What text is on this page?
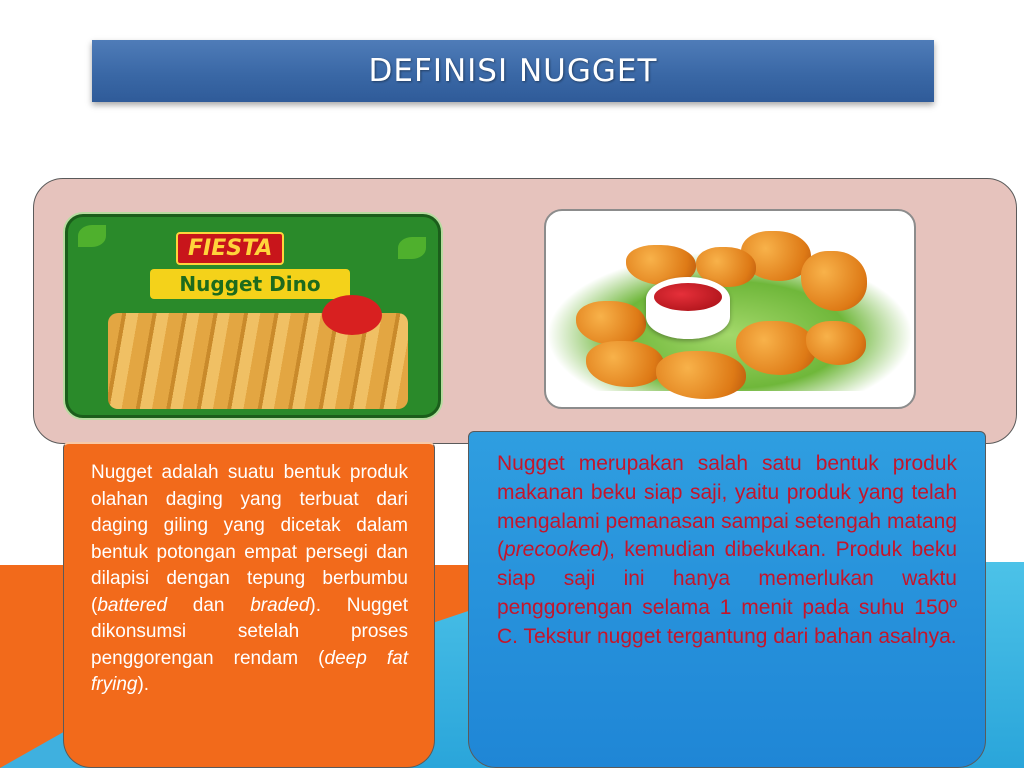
DEFINISI NUGGET
FIESTA
Nugget Dino

Nugget adalah suatu bentuk produk olahan daging yang terbuat dari daging giling yang dicetak dalam bentuk potongan empat persegi dan dilapisi dengan tepung berbumbu (battered dan braded). Nugget dikonsumsi setelah proses penggorengan rendam (deep fat frying).

Nugget merupakan salah satu bentuk produk makanan beku siap saji, yaitu produk yang telah mengalami pemanasan sampai setengah matang (precooked), kemudian dibekukan. Produk beku siap saji ini hanya memerlukan waktu penggorengan selama 1 menit pada suhu 150º C. Tekstur nugget tergantung dari bahan asalnya.
